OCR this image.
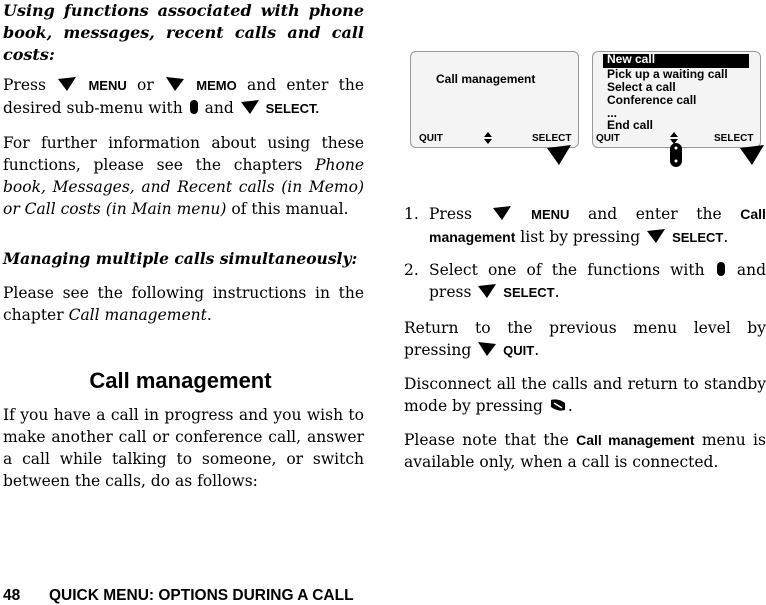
Using functions associated with phone book, messages, recent calls and call costs:

Press	MENU or	MEMO and enter the desired sub-menu with and SELECT.

For further information about using these functions, please see the chapters Phone book, Messages, and Recent calls (in Memo) or Call costs (in Main menu) of this manual.

Managing multiple calls simultaneously:

Please see the following instructions in the chapter Call management.

Call management

If you have a call in progress and you wish to make another call or conference call, answer a call while talking to someone, or switch between the calls, do as follows:

Call management
QUIT	SELECT
New call
Pick up a waiting call
Select a call
Conference call
...
End call
QUIT	SELECT
1. Press	MENU and enter the Call management list by pressing SELECT.
2. Select one of the functions with and press SELECT.

Return to the previous menu level by pressing QUIT.

Disconnect all the calls and return to standby mode by pressing .

Please note that the Call management menu is available only, when a call is connected.

48 QUICK MENU: OPTIONS DURING A CALL
